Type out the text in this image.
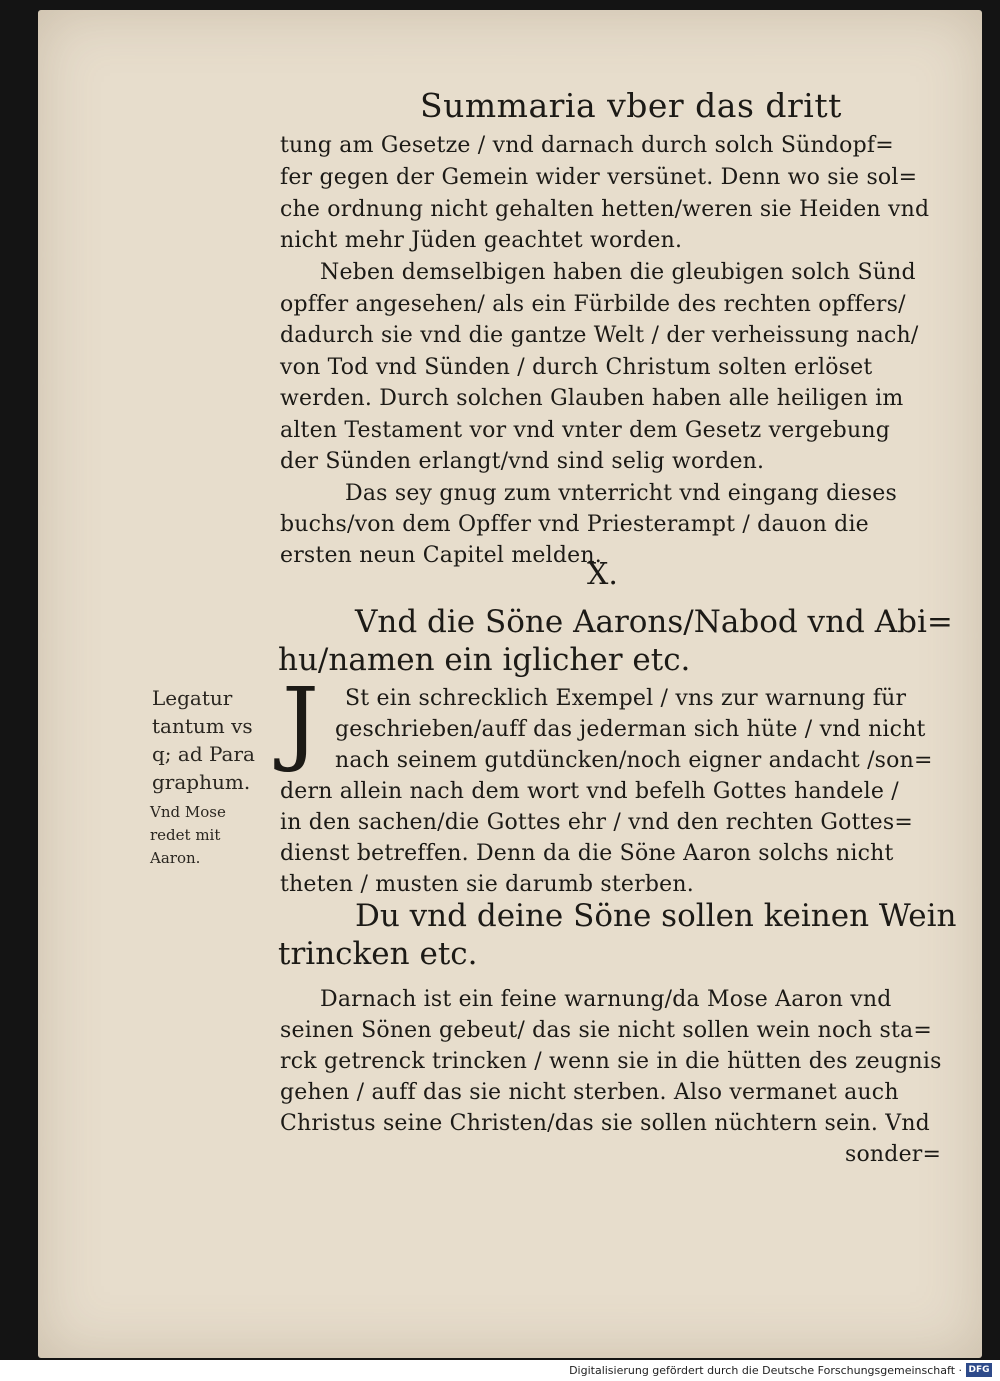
Summaria vber das dritt
tung am Gesetze / vnd darnach durch solch Sündopf=
fer gegen der Gemein wider versünet. Denn wo sie sol=
che ordnung nicht gehalten hetten/weren sie Heiden vnd
nicht mehr Jüden geachtet worden.
Neben demselbigen haben die gleubigen solch Sünd
opffer angesehen/ als ein Fürbilde des rechten opffers/
dadurch sie vnd die gantze Welt / der verheissung nach/
von Tod vnd Sünden / durch Christum solten erlöset
werden. Durch solchen Glauben haben alle heiligen im
alten Testament vor vnd vnter dem Gesetz vergebung
der Sünden erlangt/vnd sind selig worden.
Das sey gnug zum vnterricht vnd eingang dieses
buchs/von dem Opffer vnd Priesterampt / dauon die
ersten neun Capitel melden.
X.
Vnd die Söne Aarons/Nabod vnd Abi=
hu/namen ein iglicher etc.
J St ein schrecklich Exempel / vns zur warnung für
geschrieben/auff das jederman sich hüte / vnd nicht
nach seinem gutdüncken/noch eigner andacht /son=
dern allein nach dem wort vnd befelh Gottes handele /
in den sachen/die Gottes ehr / vnd den rechten Gottes=
dienst betreffen. Denn da die Söne Aaron solchs nicht
theten / musten sie darumb sterben.
Legatur
tantum vs
q; ad Para
graphum.
Vnd Mose
redet mit
Aaron.
Du vnd deine Söne sollen keinen Wein
trincken etc.
Darnach ist ein feine warnung/da Mose Aaron vnd
seinen Sönen gebeut/ das sie nicht sollen wein noch sta=
rck getrenck trincken / wenn sie in die hütten des zeugnis
gehen / auff das sie nicht sterben. Also vermanet auch
Christus seine Christen/das sie sollen nüchtern sein. Vnd
sonder=
Digitalisierung gefördert durch die Deutsche Forschungsgemeinschaft · DFG
